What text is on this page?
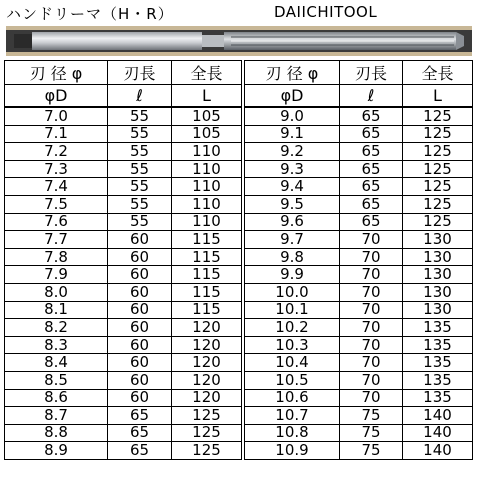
ハンドリーマ（H・R）	DAIICHITOOL
刃 径 φ	刃長	全長
φD	ℓ	L
7.0	55	105
7.1	55	105
7.2	55	110
7.3	55	110
7.4	55	110
7.5	55	110
7.6	55	110
7.7	60	115
7.8	60	115
7.9	60	115
8.0	60	115
8.1	60	115
8.2	60	120
8.3	60	120
8.4	60	120
8.5	60	120
8.6	60	120
8.7	65	125
8.8	65	125
8.9	65	125
刃 径 φ	刃長	全長
φD	ℓ	L
9.0	65	125
9.1	65	125
9.2	65	125
9.3	65	125
9.4	65	125
9.5	65	125
9.6	65	125
9.7	70	130
9.8	70	130
9.9	70	130
10.0	70	130
10.1	70	130
10.2	70	135
10.3	70	135
10.4	70	135
10.5	70	135
10.6	70	135
10.7	75	140
10.8	75	140
10.9	75	140
